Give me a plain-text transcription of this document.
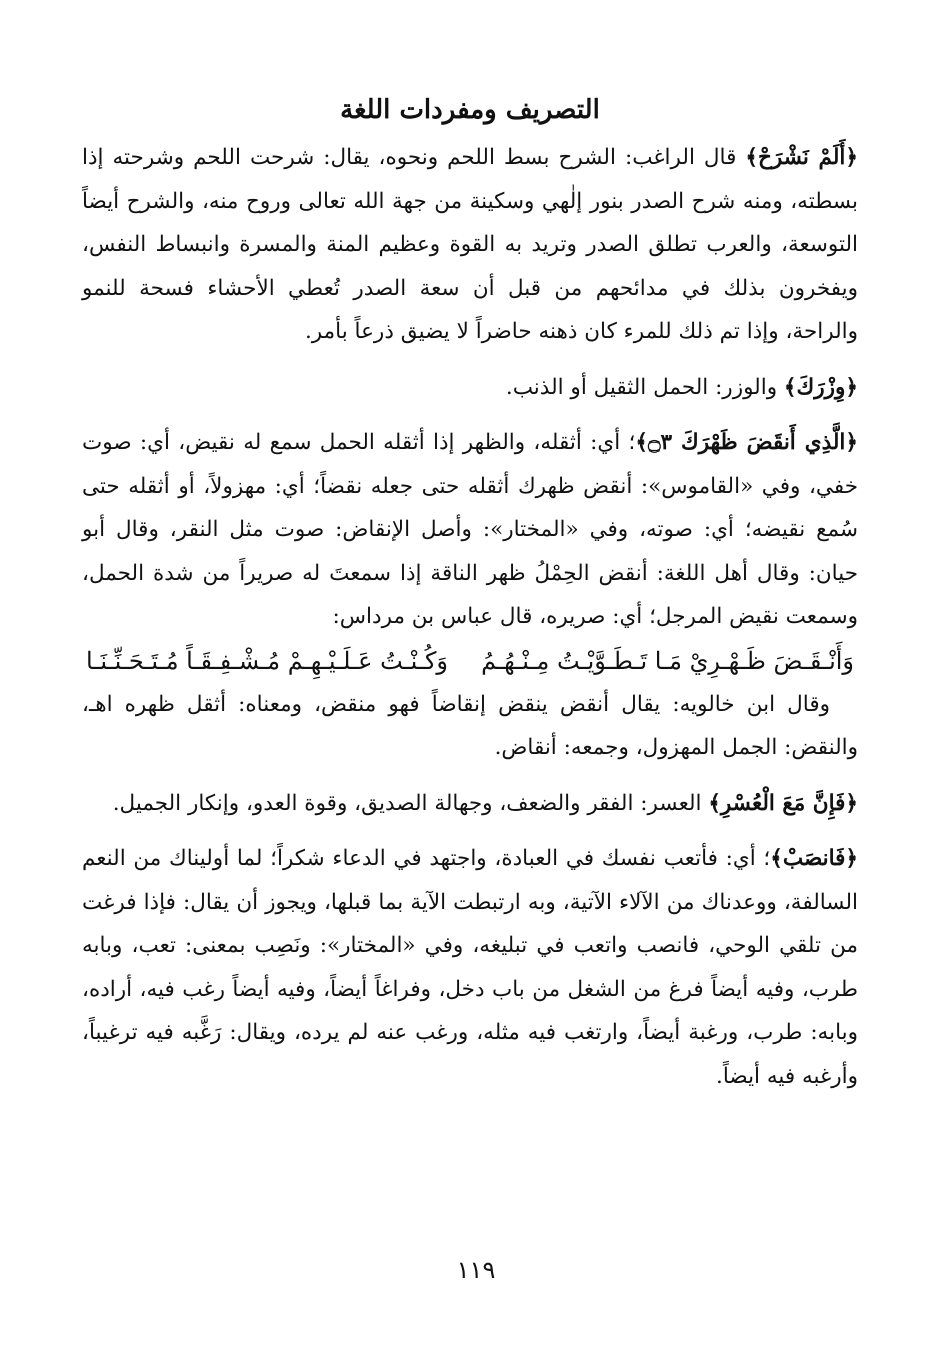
التصريف ومفردات اللغة

﴿أَلَمْ نَشْرَحْ﴾ قال الراغب: الشرح بسط اللحم ونحوه، يقال: شرحت اللحم وشرحته إذا بسطته، ومنه شرح الصدر بنور إلٰهي وسكينة من جهة الله تعالى وروح منه، والشرح أيضاً التوسعة، والعرب تطلق الصدر وتريد به القوة وعظيم المنة والمسرة وانبساط النفس، ويفخرون بذلك في مدائحهم من قبل أن سعة الصدر تُعطي الأحشاء فسحة للنمو والراحة، وإذا تم ذلك للمرء كان ذهنه حاضراً لا يضيق ذرعاً بأمر.

﴿وِزْرَكَ﴾ والوزر: الحمل الثقيل أو الذنب.

﴿الَّذِي أَنقَضَ ظَهْرَكَ ۝٣﴾؛ أي: أثقله، والظهر إذا أثقله الحمل سمع له نقيض، أي: صوت خفي، وفي «القاموس»: أنقض ظهرك أثقله حتى جعله نقضاً؛ أي: مهزولاً، أو أثقله حتى سُمع نقيضه؛ أي: صوته، وفي «المختار»: وأصل الإنقاض: صوت مثل النقر، وقال أبو حيان: وقال أهل اللغة: أنقض الحِمْلُ ظهر الناقة إذا سمعتَ له صريراً من شدة الحمل، وسمعت نقيض المرجل؛ أي: صريره، قال عباس بن مرداس:

وَأَنْـقَـضَ ظَـهْـرِيْ مَـا تَـطَـوَّيْـتُ مِـنْـهُـمُ
وَكُـنْـتُ عَـلَـيْـهِـمْ مُـشْـفِـقَـاً مُـتَـحَـنِّـنَـا

وقال ابن خالويه: يقال أنقض ينقض إنقاضاً فهو منقض، ومعناه: أثقل ظهره اهـ، والنقض: الجمل المهزول، وجمعه: أنقاض.

﴿فَإِنَّ مَعَ الْعُسْرِ﴾ العسر: الفقر والضعف، وجهالة الصديق، وقوة العدو، وإنكار الجميل.

﴿فَانصَبْ﴾؛ أي: فأتعب نفسك في العبادة، واجتهد في الدعاء شكراً؛ لما أوليناك من النعم السالفة، ووعدناك من الآلاء الآتية، وبه ارتبطت الآية بما قبلها، ويجوز أن يقال: فإذا فرغت من تلقي الوحي، فانصب واتعب في تبليغه، وفي «المختار»: ونَصِب بمعنى: تعب، وبابه طرب، وفيه أيضاً فرغ من الشغل من باب دخل، وفراغاً أيضاً، وفيه أيضاً رغب فيه، أراده، وبابه: طرب، ورغبة أيضاً، وارتغب فيه مثله، ورغب عنه لم يرده، ويقال: رَغَّبه فيه ترغيباً، وأرغبه فيه أيضاً.

١١٩
